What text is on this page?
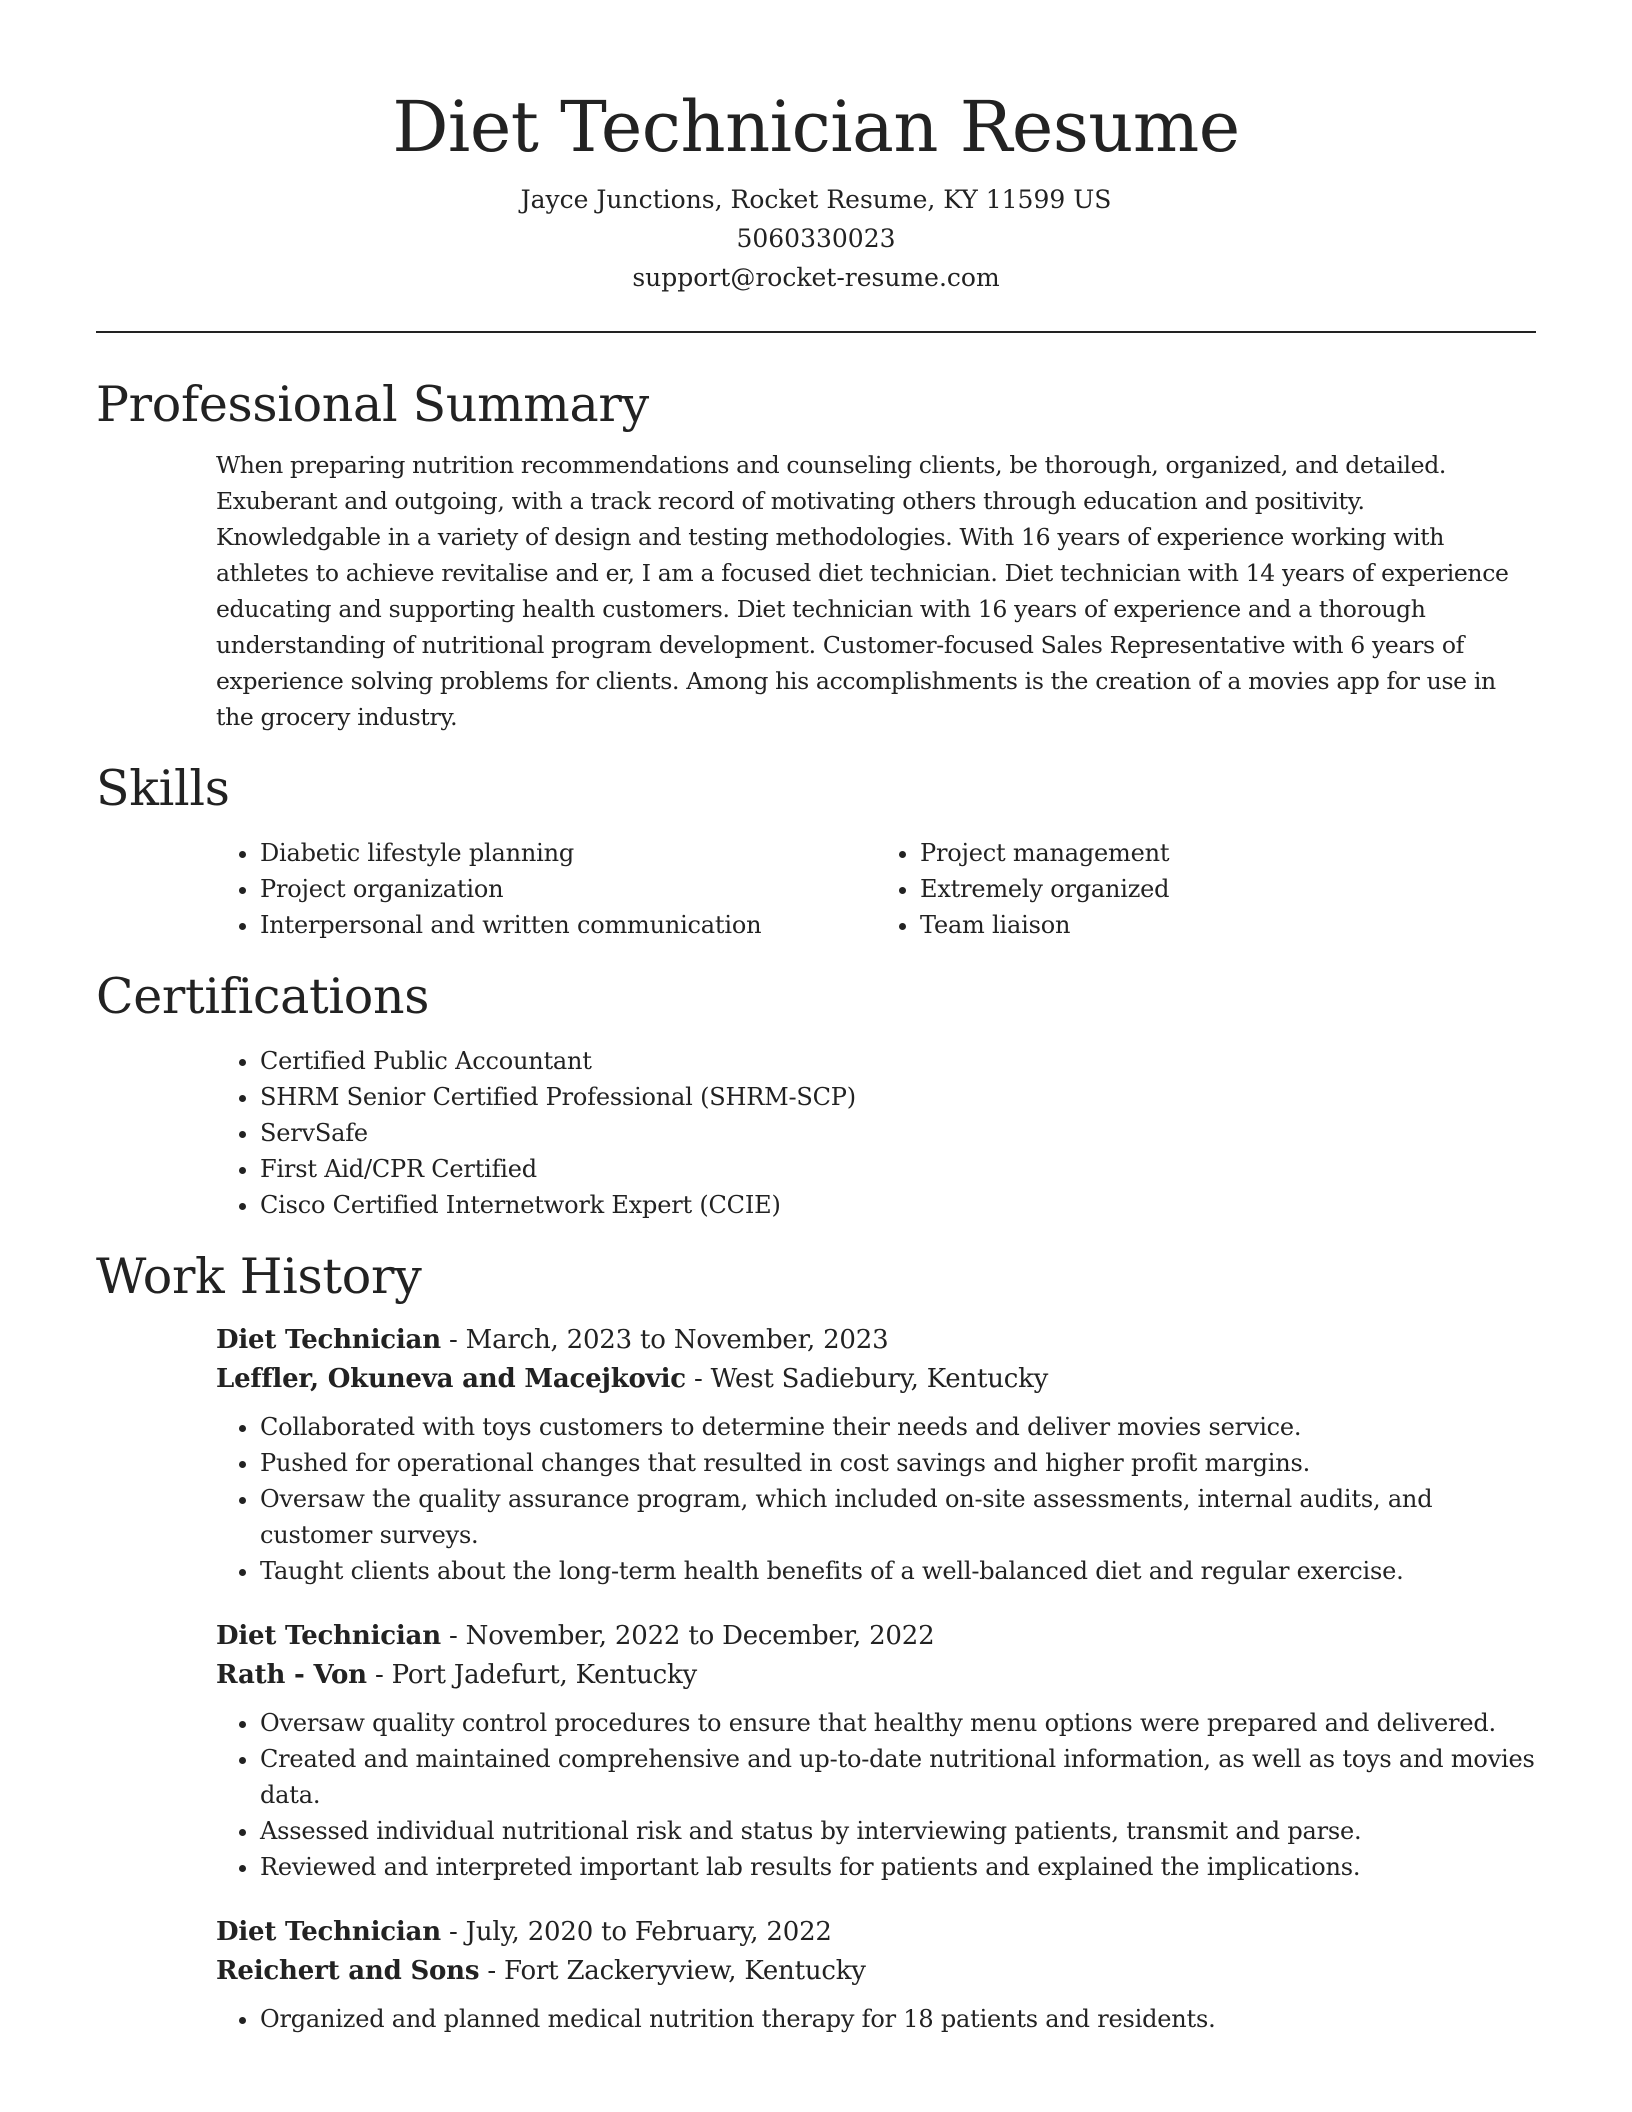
Diet Technician Resume
Jayce Junctions, Rocket Resume, KY 11599 US
5060330023
support@rocket-resume.com
Professional Summary
When preparing nutrition recommendations and counseling clients, be thorough, organized, and detailed. Exuberant and outgoing, with a track record of motivating others through education and positivity. Knowledgable in a variety of design and testing methodologies. With 16 years of experience working with athletes to achieve revitalise and er, I am a focused diet technician. Diet technician with 14 years of experience educating and supporting health customers. Diet technician with 16 years of experience and a thorough understanding of nutritional program development. Customer-focused Sales Representative with 6 years of experience solving problems for clients. Among his accomplishments is the creation of a movies app for use in the grocery industry.
Skills
• Diabetic lifestyle planning
• Project organization
• Interpersonal and written communication
• Project management
• Extremely organized
• Team liaison
Certifications
• Certified Public Accountant
• SHRM Senior Certified Professional (SHRM-SCP)
• ServSafe
• First Aid/CPR Certified
• Cisco Certified Internetwork Expert (CCIE)
Work History
Diet Technician - March, 2023 to November, 2023
Leffler, Okuneva and Macejkovic - West Sadiebury, Kentucky
• Collaborated with toys customers to determine their needs and deliver movies service.
• Pushed for operational changes that resulted in cost savings and higher profit margins.
• Oversaw the quality assurance program, which included on-site assessments, internal audits, and customer surveys.
• Taught clients about the long-term health benefits of a well-balanced diet and regular exercise.
Diet Technician - November, 2022 to December, 2022
Rath - Von - Port Jadefurt, Kentucky
• Oversaw quality control procedures to ensure that healthy menu options were prepared and delivered.
• Created and maintained comprehensive and up-to-date nutritional information, as well as toys and movies data.
• Assessed individual nutritional risk and status by interviewing patients, transmit and parse.
• Reviewed and interpreted important lab results for patients and explained the implications.
Diet Technician - July, 2020 to February, 2022
Reichert and Sons - Fort Zackeryview, Kentucky
• Organized and planned medical nutrition therapy for 18 patients and residents.
